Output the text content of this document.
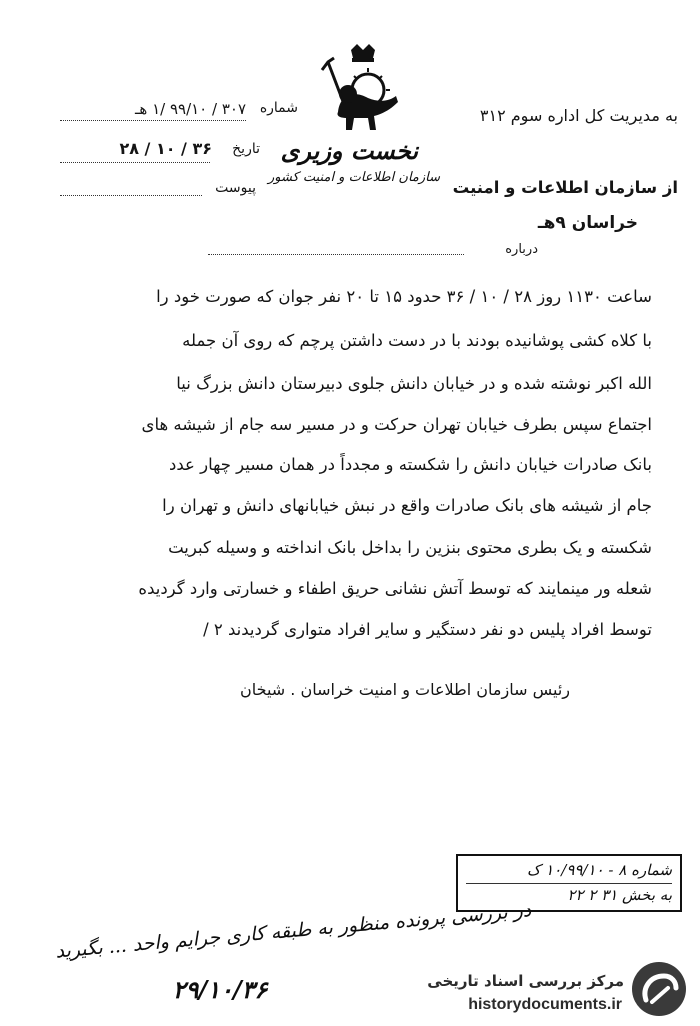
نخست وزیری
سازمان اطلاعات و امنیت کشور
به مدیریت کل اداره سوم ۳۱۲
از سازمان اطلاعات و امنیت
خراسان ۹هـ
درباره
شماره
۳۰۷ / ۹۹/۱۰ /۱ هـ
تاریخ
۲۸ / ۱۰ / ۳۶
پیوست
ساعت ۱۱۳۰ روز ۲۸ / ۱۰ / ۳۶ حدود ۱۵ تا ۲۰ نفر جوان که صورت خود را
با کلاه کشی پوشانیده بودند با در دست داشتن پرچم که روی آن جمله
الله اکبر نوشته شده و در خیابان دانش جلوی دبیرستان دانش بزرگ نیا
اجتماع سپس بطرف خیابان تهران حرکت و در مسیر سه جام از شیشه های
بانک صادرات خیابان دانش را شکسته و مجدداً در همان مسیر چهار عدد
جام از شیشه های بانک صادرات واقع در نبش خیابانهای دانش و تهران را
شکسته و یک بطری محتوی بنزین را بداخل بانک انداخته و وسیله کبریت
شعله ور مینمایند که توسط آتش نشانی حریق اطفاء و خسارتی وارد گردیده
توسط افراد پلیس دو نفر دستگیر و سایر افراد متواری گردیدند ۲ /
رئیس سازمان اطلاعات و امنیت خراسان . شیخان
شماره ۸ - ۱۰/۹۹/۱۰ ک
به بخش ۳۱ ۲ ۲۲
در بررسی پرونده منظور به طبقه کاری جرایم واحد ... بگیرید
۲۹/۱۰/۳۶	مرکز بررسی اسناد تاریخی
historydocuments.ir
